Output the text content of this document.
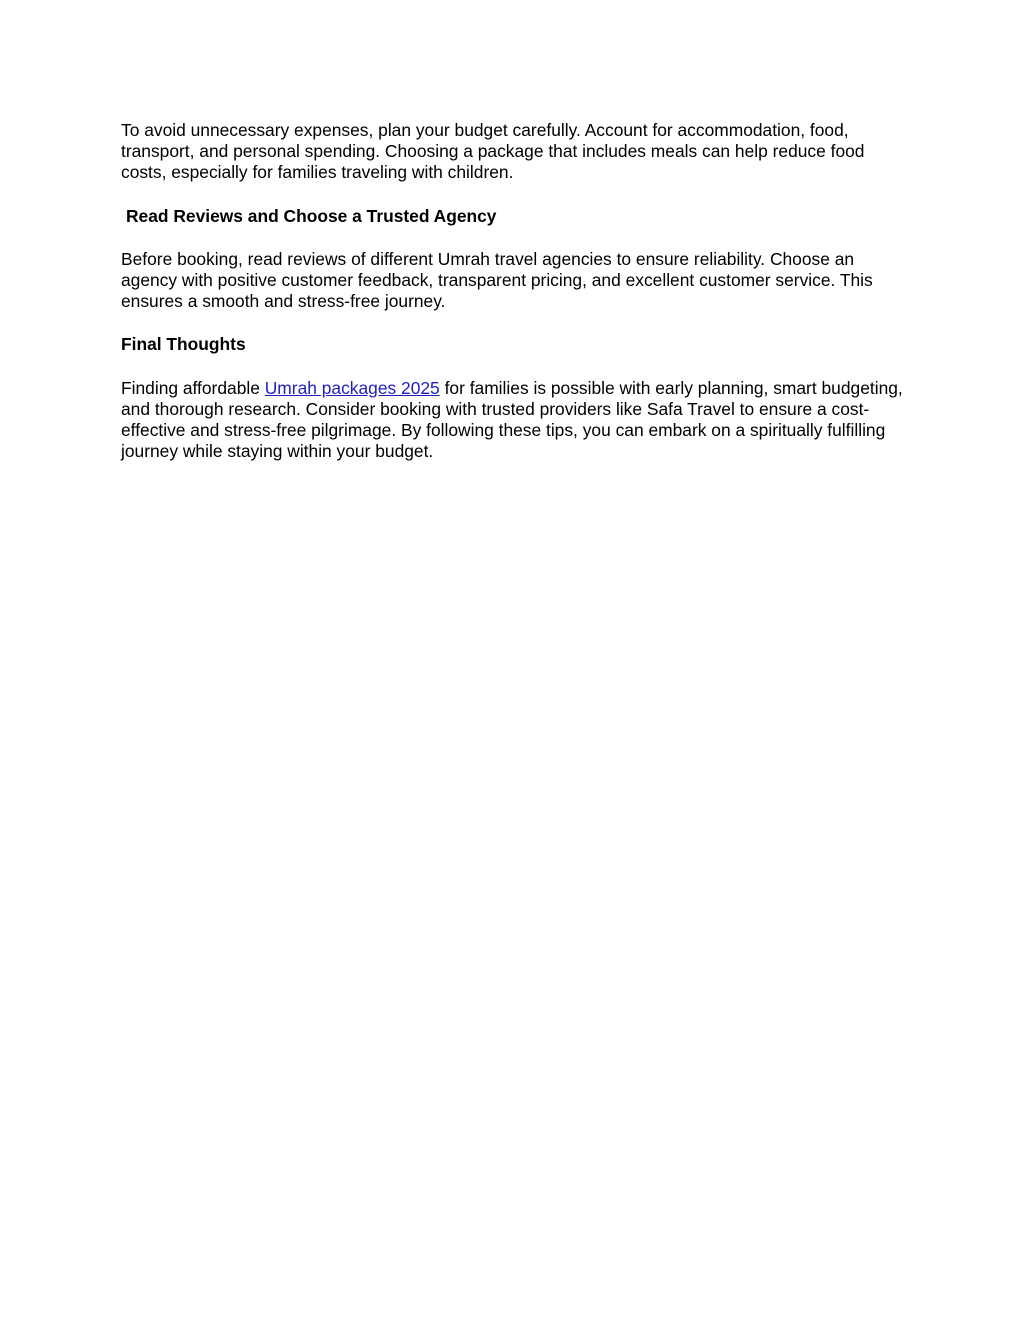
To avoid unnecessary expenses, plan your budget carefully. Account for accommodation, food, transport, and personal spending. Choosing a package that includes meals can help reduce food costs, especially for families traveling with children.

Read Reviews and Choose a Trusted Agency

Before booking, read reviews of different Umrah travel agencies to ensure reliability. Choose an agency with positive customer feedback, transparent pricing, and excellent customer service. This ensures a smooth and stress-free journey.

Final Thoughts

Finding affordable Umrah packages 2025 for families is possible with early planning, smart budgeting, and thorough research. Consider booking with trusted providers like Safa Travel to ensure a cost-effective and stress-free pilgrimage. By following these tips, you can embark on a spiritually fulfilling journey while staying within your budget.
